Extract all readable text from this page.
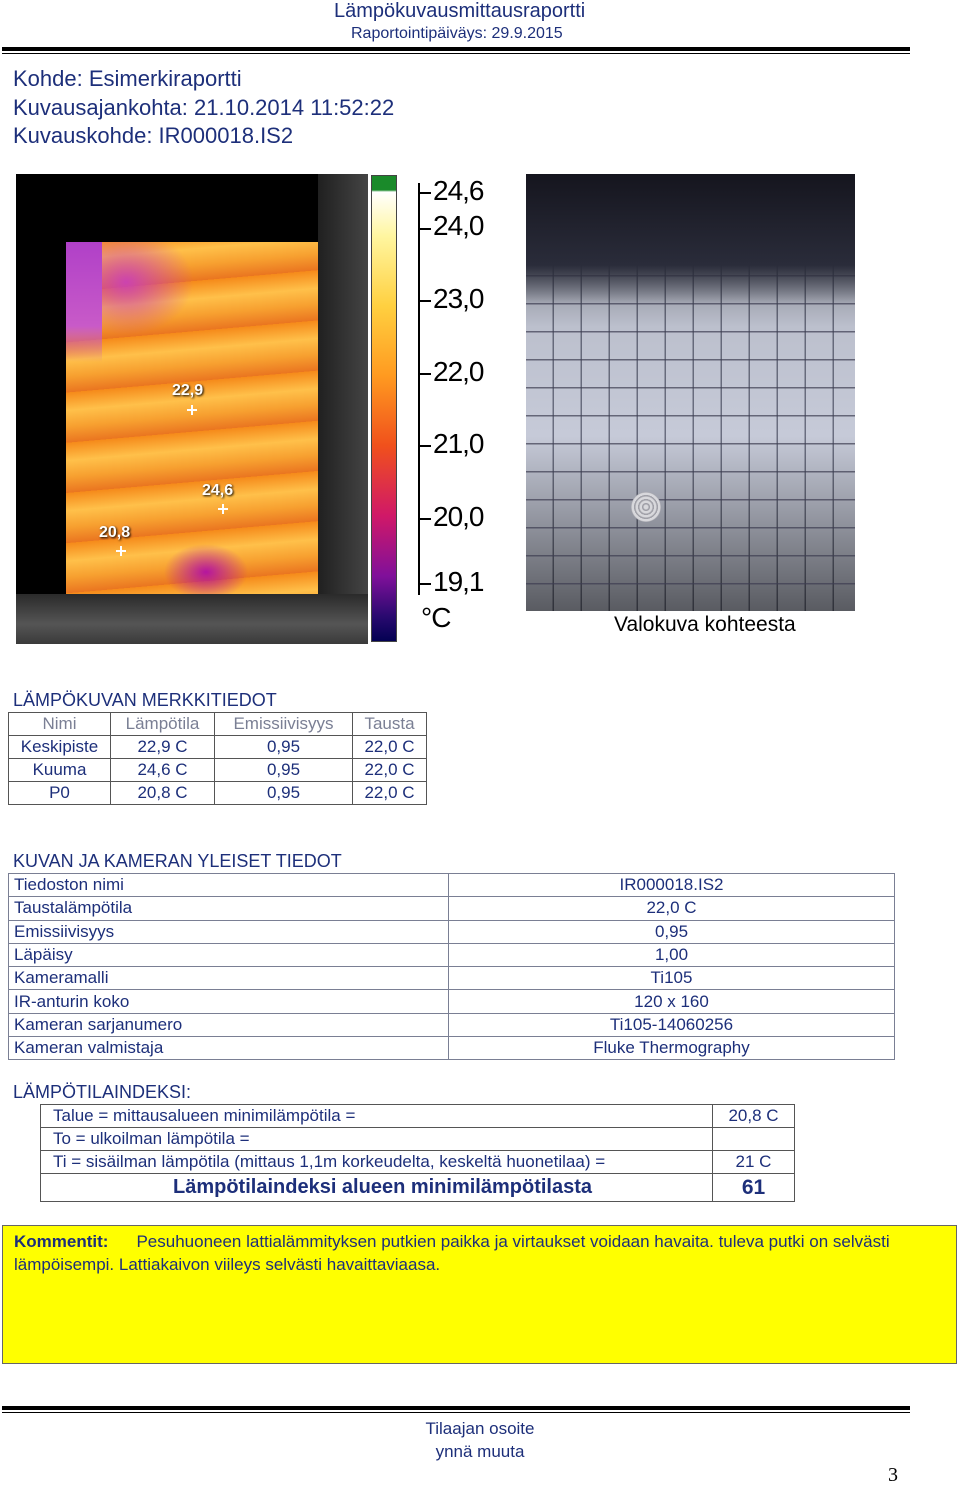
Lämpökuvausmittausraportti
Raportointipäiväys: 29.9.2015
Kohde: Esimerkiraportti
Kuvausajankohta: 21.10.2014 11:52:22
Kuvauskohde: IR000018.IS2
22,9
24,6
20,8
24,6
24,0
23,0
22,0
21,0
20,0
19,1
°C	Valokuva kohteesta
LÄMPÖKUVAN MERKKITIEDOT
Nimi	Lämpötila	Emissiivisyys	Tausta
Keskipiste	22,9 C	0,95	22,0 C
Kuuma	24,6 C	0,95	22,0 C
P0	20,8 C	0,95	22,0 C
KUVAN JA KAMERAN YLEISET TIEDOT
Tiedoston nimi	IR000018.IS2
Taustalämpötila	22,0 C
Emissiivisyys	0,95
Läpäisy	1,00
Kameramalli	Ti105
IR-anturin koko	120 x 160
Kameran sarjanumero	Ti105-14060256
Kameran valmistaja	Fluke Thermography
LÄMPÖTILAINDEKSI:
Talue = mittausalueen minimilämpötila =	20,8 C
To = ulkoilman lämpötila =	
Ti = sisäilman lämpötila (mittaus 1,1m korkeudelta, keskeltä huonetilaa) =	21 C
Lämpötilaindeksi alueen minimilämpötilasta	61
Kommentit: Pesuhuoneen lattialämmityksen putkien paikka ja virtaukset voidaan havaita. tuleva putki on selvästi lämpöisempi. Lattiakaivon viileys selvästi havaittaviaasa.
Tilaajan osoite
ynnä muuta
3
